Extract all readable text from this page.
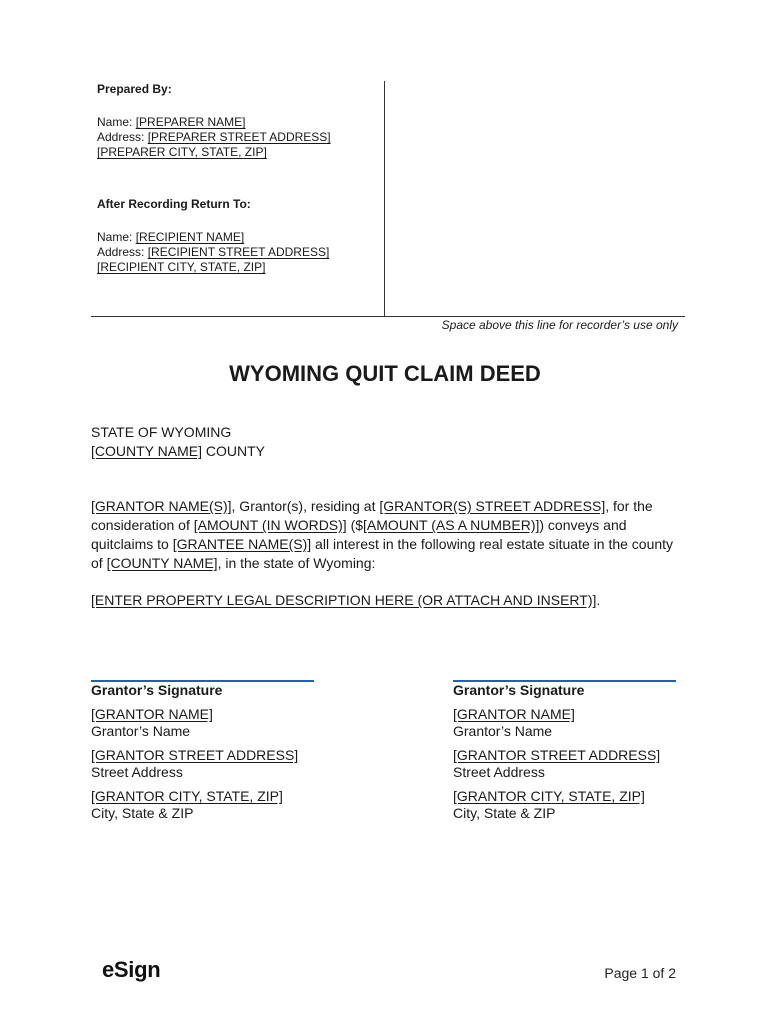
Prepared By:
Name: [PREPARER NAME]
Address: [PREPARER STREET ADDRESS]
[PREPARER CITY, STATE, ZIP]
After Recording Return To:
Name: [RECIPIENT NAME]
Address: [RECIPIENT STREET ADDRESS]
[RECIPIENT CITY, STATE, ZIP]
Space above this line for recorder’s use only
WYOMING QUIT CLAIM DEED
STATE OF WYOMING
[COUNTY NAME] COUNTY
[GRANTOR NAME(S)], Grantor(s), residing at [GRANTOR(S) STREET ADDRESS], for the consideration of [AMOUNT (IN WORDS)] ($[AMOUNT (AS A NUMBER)]) conveys and quitclaims to [GRANTEE NAME(S)] all interest in the following real estate situate in the county of [COUNTY NAME], in the state of Wyoming:
[ENTER PROPERTY LEGAL DESCRIPTION HERE (OR ATTACH AND INSERT)].
Grantor’s Signature
[GRANTOR NAME]
Grantor’s Name
[GRANTOR STREET ADDRESS]
Street Address
[GRANTOR CITY, STATE, ZIP]
City, State & ZIP
Grantor’s Signature
[GRANTOR NAME]
Grantor’s Name
[GRANTOR STREET ADDRESS]
Street Address
[GRANTOR CITY, STATE, ZIP]
City, State & ZIP
eSign	Page 1 of 2
